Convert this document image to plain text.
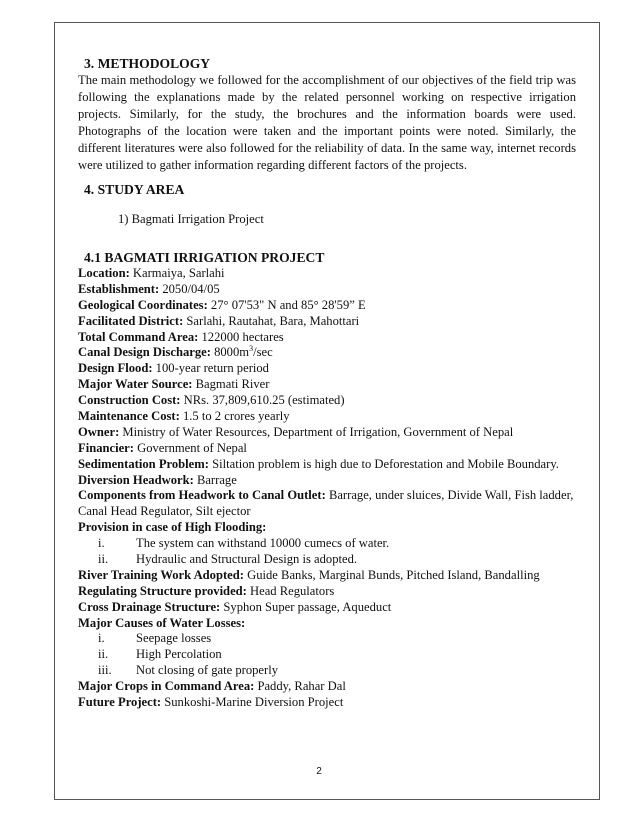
3. METHODOLOGY

The main methodology we followed for the accomplishment of our objectives of the field trip was following the explanations made by the related personnel working on respective irrigation projects. Similarly, for the study, the brochures and the information boards were used. Photographs of the location were taken and the important points were noted. Similarly, the different literatures were also followed for the reliability of data. In the same way, internet records were utilized to gather information regarding different factors of the projects.

4. STUDY AREA

1) Bagmati Irrigation Project

4.1 BAGMATI IRRIGATION PROJECT

Location: Karmaiya, Sarlahi
Establishment: 2050/04/05
Geological Coordinates: 27° 07'53" N and 85° 28'59” E
Facilitated District: Sarlahi, Rautahat, Bara, Mahottari
Total Command Area: 122000 hectares
Canal Design Discharge: $8000m^3/\sec$
Design Flood: 100-year return period
Major Water Source: Bagmati River
Construction Cost: NRs. 37,809,610.25 (estimated)
Maintenance Cost: 1.5 to 2 crores yearly
Owner: Ministry of Water Resources, Department of Irrigation, Government of Nepal
Financier: Government of Nepal
Sedimentation Problem: Siltation problem is high due to Deforestation and Mobile Boundary.
Diversion Headwork: Barrage
Components from Headwork to Canal Outlet: Barrage, under sluices, Divide Wall, Fish ladder,
Canal Head Regulator, Silt ejector
Provision in case of High Flooding:
i. The system can withstand 10000 cumecs of water.
ii. Hydraulic and Structural Design is adopted.
River Training Work Adopted: Guide Banks, Marginal Bunds, Pitched Island, Bandalling
Regulating Structure provided: Head Regulators
Cross Drainage Structure: Syphon Super passage, Aqueduct
Major Causes of Water Losses:
i. Seepage losses
ii. High Percolation
iii. Not closing of gate properly
Major Crops in Command Area: Paddy, Rahar Dal
Future Project: Sunkoshi-Marine Diversion Project
2
